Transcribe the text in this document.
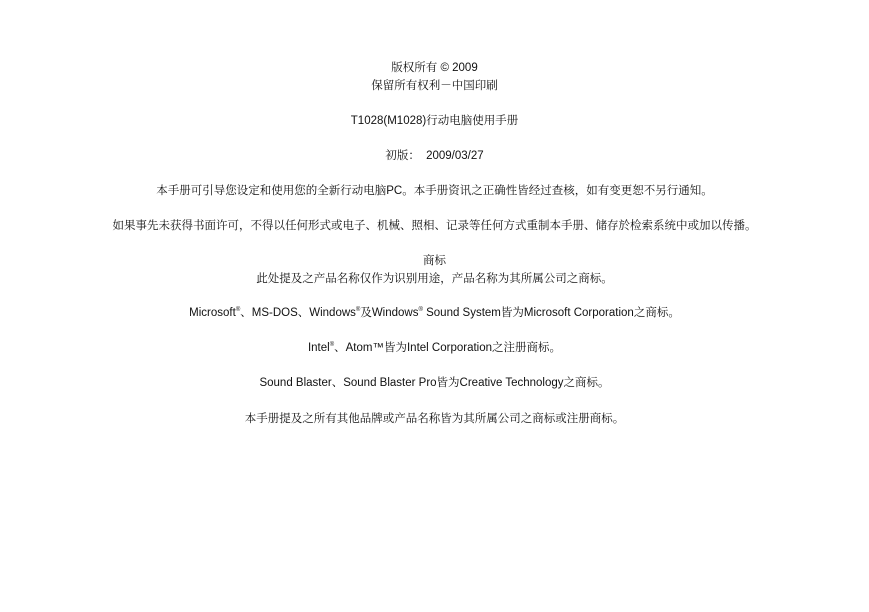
版权所有 © 2009
保留所有权利－中国印刷
T1028(M1028)行动电脑使用手册
初版： 2009/03/27
本手册可引导您设定和使用您的全新行动电脑PC。本手册资讯之正确性皆经过查核，如有变更恕不另行通知。
如果事先未获得书面许可，不得以任何形式或电子、机械、照相、记录等任何方式重制本手册、储存於检索系统中或加以传播。
商标
此处提及之产品名称仅作为识别用途，产品名称为其所属公司之商标。
Microsoft®、MS-DOS、Windows®及Windows® Sound System皆为Microsoft Corporation之商标。
Intel®、Atom™皆为Intel Corporation之注册商标。
Sound Blaster、Sound Blaster Pro皆为Creative Technology之商标。
本手册提及之所有其他品牌或产品名称皆为其所属公司之商标或注册商标。
